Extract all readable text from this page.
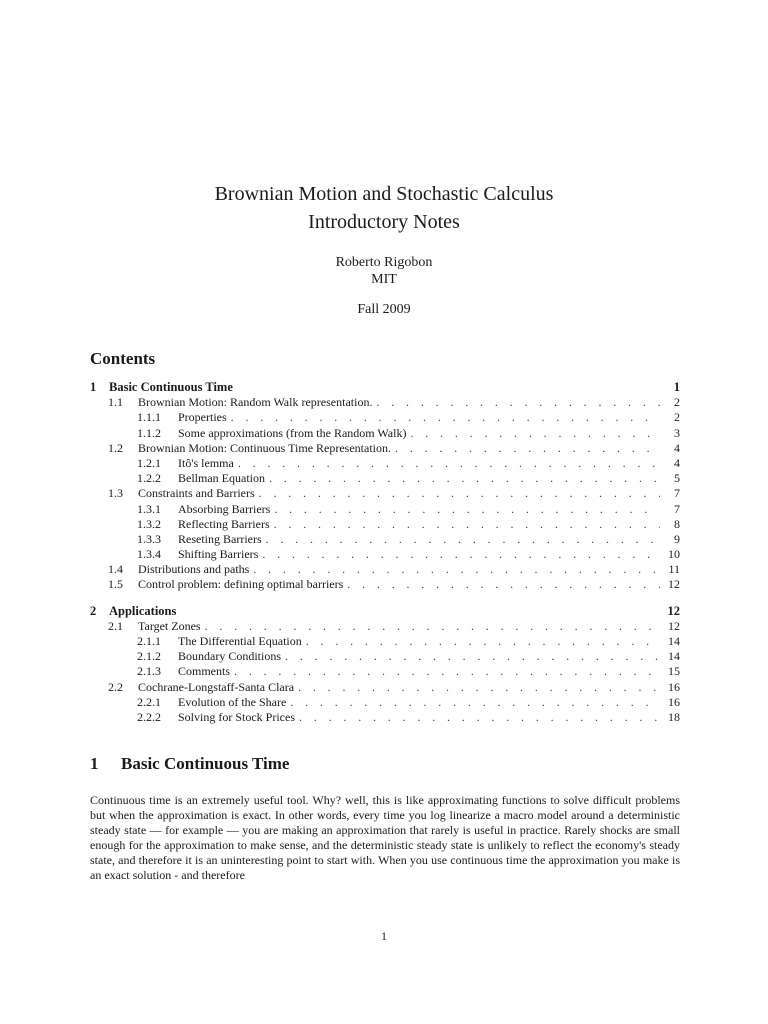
Brownian Motion and Stochastic Calculus
Introductory Notes
Roberto Rigobon
MIT
Fall 2009
Contents
1	Basic Continuous Time	1
1.1	Brownian Motion: Random Walk representation. . . .	2
1.1.1	Properties . . .	2
1.1.2	Some approximations (from the Random Walk) . . .	3
1.2	Brownian Motion: Continuous Time Representation. . . .	4
1.2.1	Itô's lemma . . .	4
1.2.2	Bellman Equation . . .	5
1.3	Constraints and Barriers . . .	7
1.3.1	Absorbing Barriers . . .	7
1.3.2	Reflecting Barriers . . .	8
1.3.3	Reseting Barriers . . .	9
1.3.4	Shifting Barriers . . .	10
1.4	Distributions and paths . . .	11
1.5	Control problem: defining optimal barriers . . .	12
2	Applications	12
2.1	Target Zones . . .	12
2.1.1	The Differential Equation . . .	14
2.1.2	Boundary Conditions . . .	14
2.1.3	Comments . . .	15
2.2	Cochrane-Longstaff-Santa Clara . . .	16
2.2.1	Evolution of the Share . . .	16
2.2.2	Solving for Stock Prices . . .	18
1 Basic Continuous Time
Continuous time is an extremely useful tool. Why? well, this is like approximating functions to solve difficult problems but when the approximation is exact. In other words, every time you log linearize a macro model around a deterministic steady state — for example — you are making an approximation that rarely is useful in practice. Rarely shocks are small enough for the approximation to make sense, and the deterministic steady state is unlikely to reflect the economy's steady state, and therefore it is an uninteresting point to start with. When you use continuous time the approximation you make is an exact solution - and therefore
1
